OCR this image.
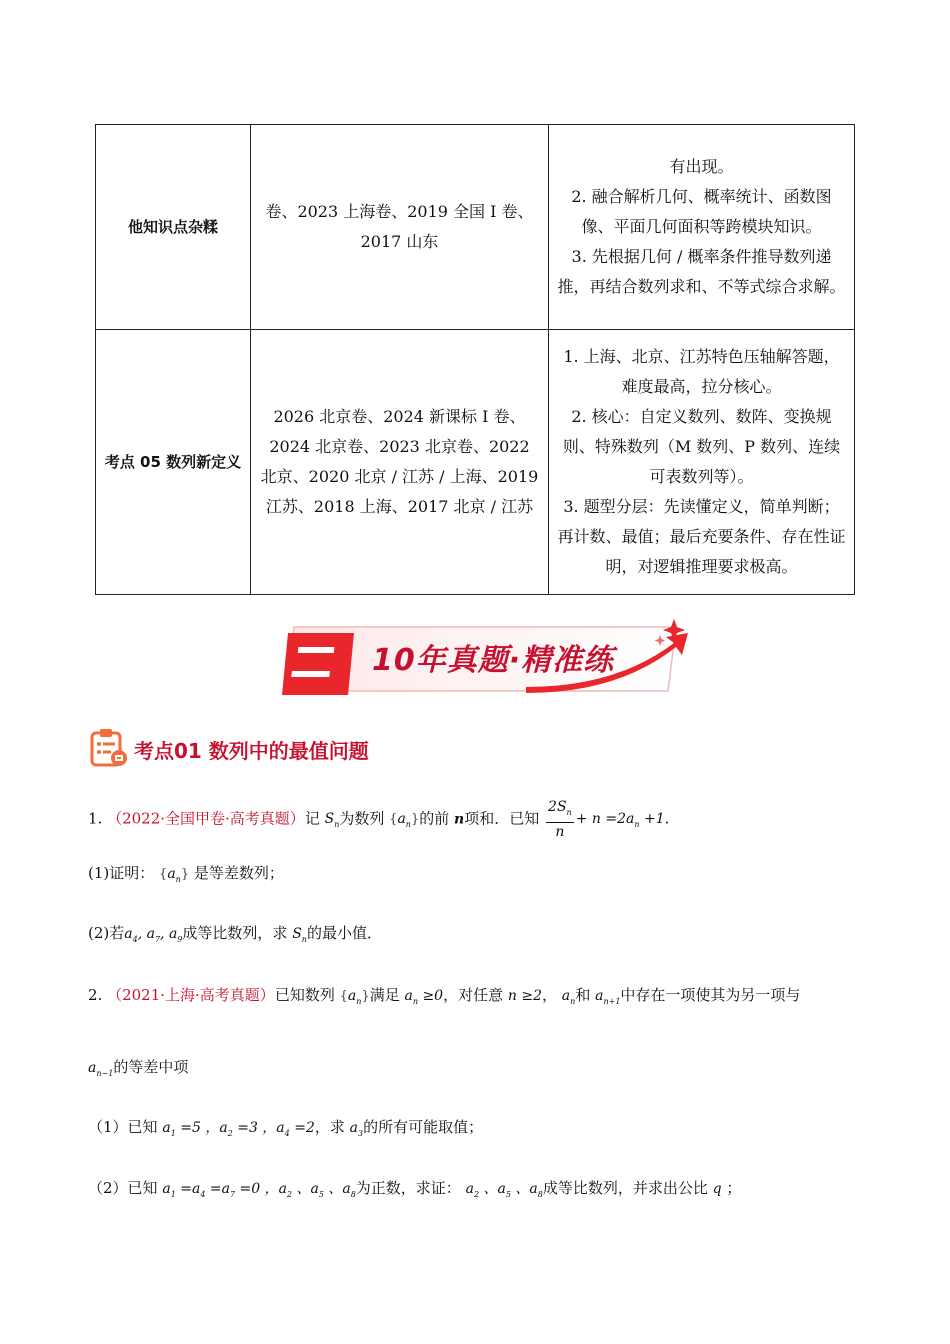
他知识点杂糅	卷、2023 上海卷、2019 全国 Ⅰ 卷、2017 山东	有出现。
2. 融合解析几何、概率统计、函数图像、平面几何面积等跨模块知识。
3. 先根据几何 / 概率条件推导数列递推，再结合数列求和、不等式综合求解。

考点 05 数列新定义	2026 北京卷、2024 新课标 Ⅰ 卷、2024 北京卷、2023 北京卷、2022 北京、2020 北京 / 江苏 / 上海、2019 江苏、2018 上海、2017 北京 / 江苏	1. 上海、北京、江苏特色压轴解答题，难度最高，拉分核心。
2. 核心：自定义数列、数阵、变换规则、特殊数列（M 数列、P 数列、连续可表数列等）。
3. 题型分层：先读懂定义，简单判断；再计数、最值；最后充要条件、存在性证明，对逻辑推理要求极高。
10年真题·精准练
考点01 数列中的最值问题
1. （2022·全国甲卷·高考真题）记 $S_n$为数列 $\{a_n\}$的前 n项和．已知 $\frac{2S_n}{n} + n =2a_n +1$.
(1)证明： $\{a_n\}$ 是等差数列；
(2)若$a_4$, $a_7$, $a_9$成等比数列，求 $S_n$的最小值．
2. （2021·上海·高考真题）已知数列 $\{a_n\}$满足 $a_n \ge 0$，对任意 n ≥2， $a_n$和 $a_{n+1}$中存在一项使其为另一项与
$a_{n-1}$的等差中项
（1）已知 $a_1 =5$ ，$a_2 =3$ ，$a_4 =2$，求 $a_3$的所有可能取值；
（2）已知 $a_1 =a_4 =a_7 =0$ ，$a_2$ 、$a_5$ 、$a_8$为正数，求证： $a_2$ 、$a_5$ 、$a_8$成等比数列，并求出公比 q ；
